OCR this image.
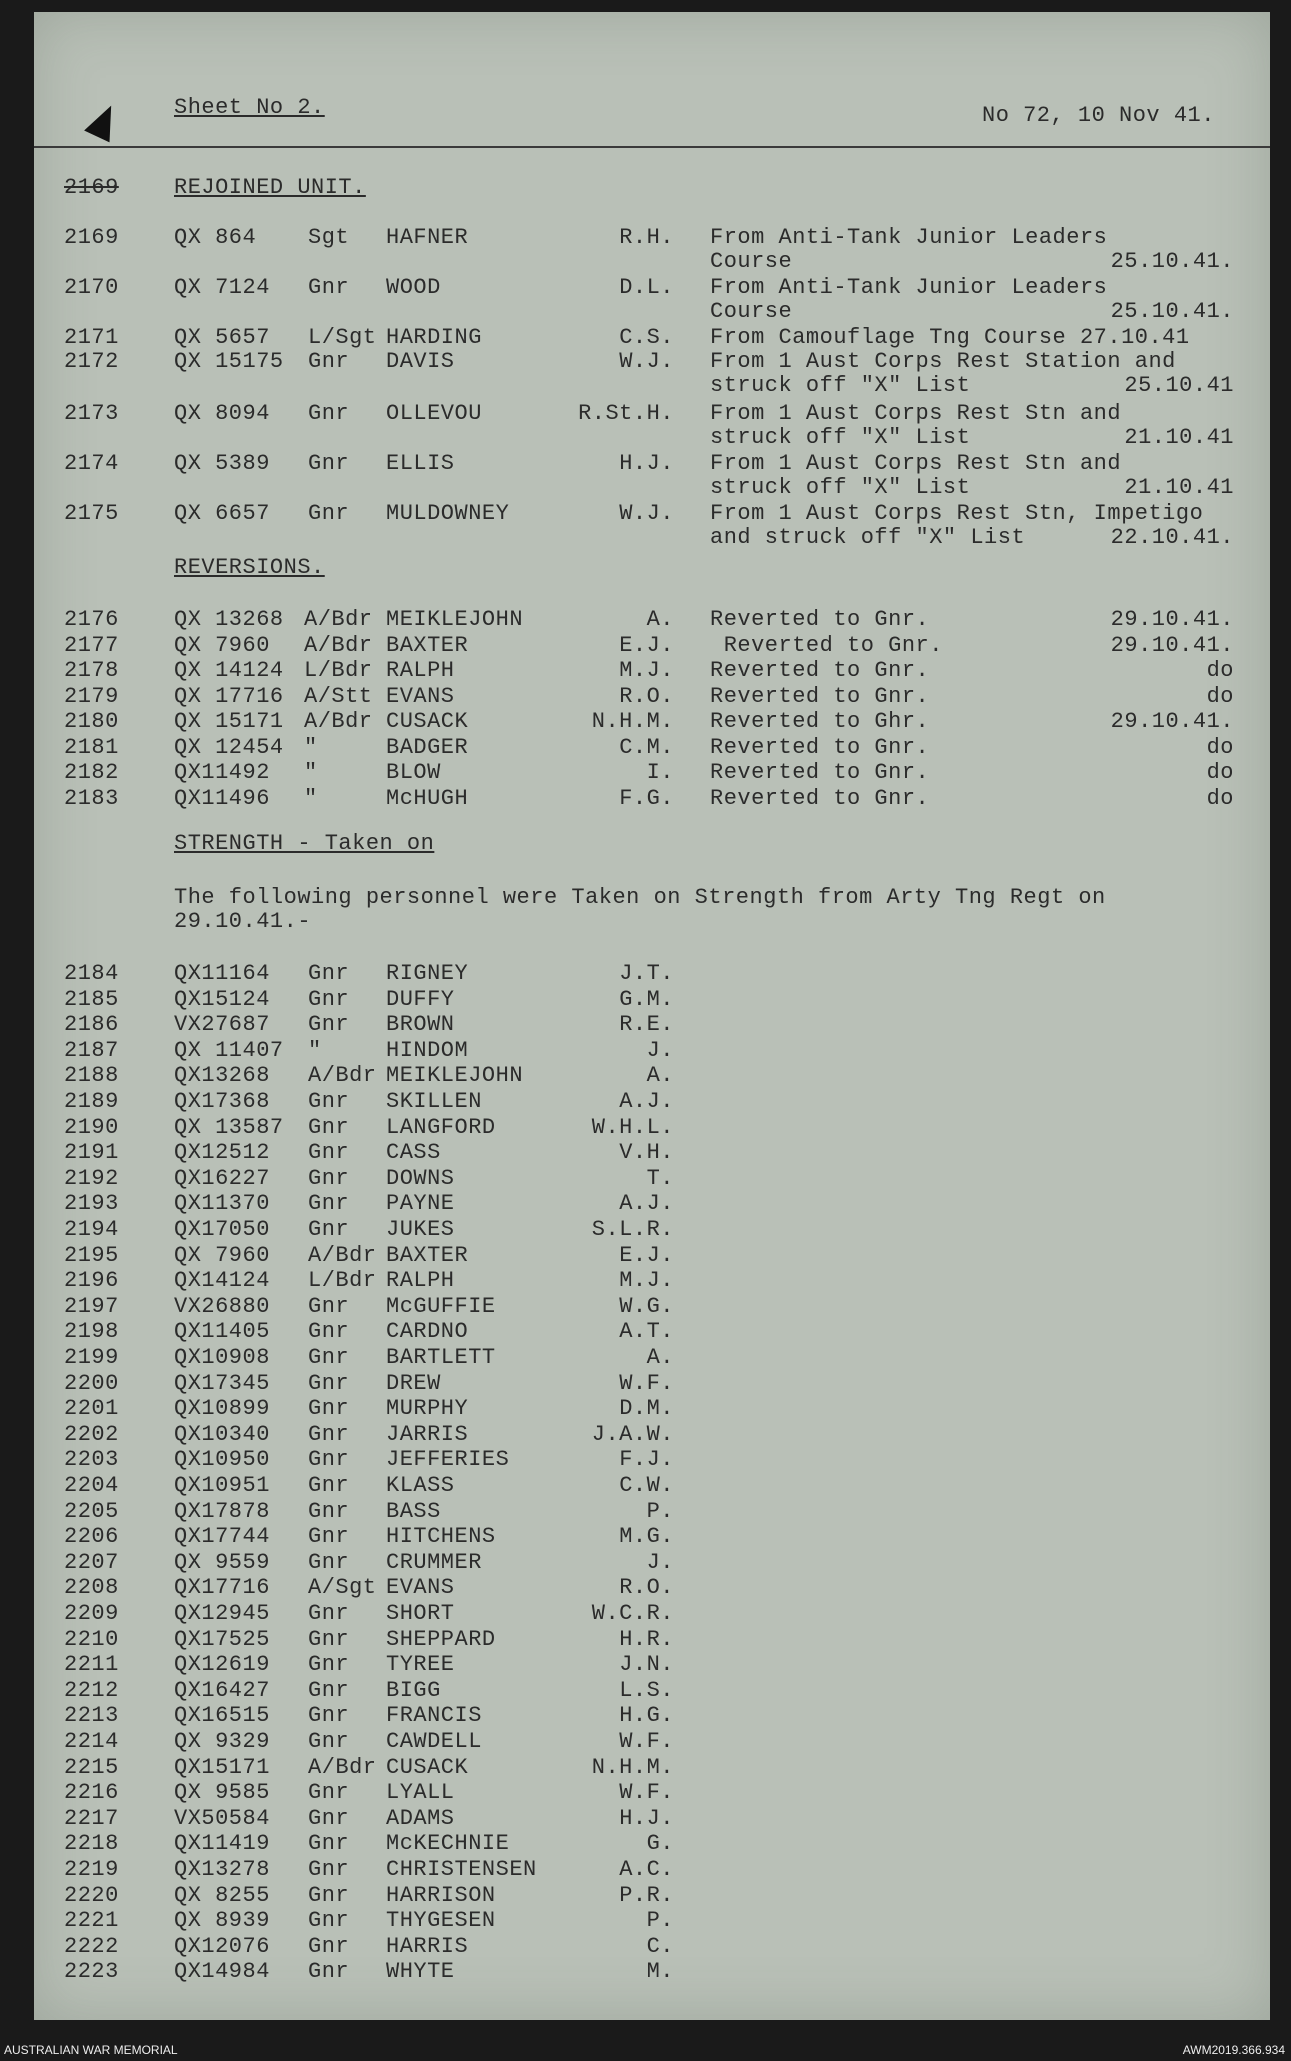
Sheet No 2.	No 72, 10 Nov 41.
2169	REJOINED UNIT.
2169	QX 864 Sgt HAFNER	R.H. From Anti-Tank Junior Leaders
Course	25.10.41.
2170	QX 7124 Gnr WOOD	D.L. From Anti-Tank Junior Leaders
Course	25.10.41.
2171	QX 5657 L/Sgt HARDING	C.S. From Camouflage Tng Course 27.10.41
2172	QX 15175 Gnr DAVIS	W.J. From 1 Aust Corps Rest Station and
struck off "X" List	25.10.41
2173	QX 8094 Gnr OLLEVOU	R.St.H. From 1 Aust Corps Rest Stn and
struck off "X" List	21.10.41
2174	QX 5389 Gnr ELLIS	H.J. From 1 Aust Corps Rest Stn and
struck off "X" List	21.10.41
2175	QX 6657 Gnr MULDOWNEY	W.J. From 1 Aust Corps Rest Stn, Impetigo
and struck off "X" List	22.10.41.
REVERSIONS.
2176	QX 13268 A/Bdr MEIKLEJOHN	A. Reverted to Gnr.	29.10.41.
2177	QX 7960 A/Bdr BAXTER	E.J. Reverted to Gnr.	29.10.41.
2178	QX 14124 L/Bdr RALPH	M.J. Reverted to Gnr.	do
2179	QX 17716 A/Stt EVANS	R.O. Reverted to Gnr.	do
2180	QX 15171 A/Bdr CUSACK	N.H.M. Reverted to Ghr.	29.10.41.
2181	QX 12454 "	BADGER	C.M. Reverted to Gnr.	do
2182	QX11492 "	BLOW	I. Reverted to Gnr.	do
2183	QX11496 "	McHUGH	F.G. Reverted to Gnr.	do
STRENGTH - Taken on
The following personnel were Taken on Strength from Arty Tng Regt on
29.10.41.-
2184	QX11164 Gnr RIGNEY	J.T.
2185	QX15124 Gnr DUFFY	G.M.
2186	VX27687 Gnr BROWN	R.E.
2187	QX 11407 "	HINDOM	J.
2188	QX13268 A/Bdr MEIKLEJOHN	A.
2189	QX17368 Gnr SKILLEN	A.J.
2190	QX 13587 Gnr LANGFORD	W.H.L.
2191	QX12512 Gnr CASS	V.H.
2192	QX16227 Gnr DOWNS	T.
2193	QX11370 Gnr PAYNE	A.J.
2194	QX17050 Gnr JUKES	S.L.R.
2195	QX 7960 A/Bdr BAXTER	E.J.
2196	QX14124 L/Bdr RALPH	M.J.
2197	VX26880 Gnr McGUFFIE	W.G.
2198	QX11405 Gnr CARDNO	A.T.
2199	QX10908 Gnr BARTLETT	A.
2200	QX17345 Gnr DREW	W.F.
2201	QX10899 Gnr MURPHY	D.M.
2202	QX10340 Gnr JARRIS	J.A.W.
2203	QX10950 Gnr JEFFERIES	F.J.
2204	QX10951 Gnr KLASS	C.W.
2205	QX17878 Gnr BASS	P.
2206	QX17744 Gnr HITCHENS	M.G.
2207	QX 9559 Gnr CRUMMER	J.
2208	QX17716 A/Sgt EVANS	R.O.
2209	QX12945 Gnr SHORT	W.C.R.
2210	QX17525 Gnr SHEPPARD	H.R.
2211	QX12619 Gnr TYREE	J.N.
2212	QX16427 Gnr BIGG	L.S.
2213	QX16515 Gnr FRANCIS	H.G.
2214	QX 9329 Gnr CAWDELL	W.F.
2215	QX15171 A/Bdr CUSACK	N.H.M.
2216	QX 9585 Gnr LYALL	W.F.
2217	VX50584 Gnr ADAMS	H.J.
2218	QX11419 Gnr McKECHNIE	G.
2219	QX13278 Gnr CHRISTENSEN	A.C.
2220	QX 8255 Gnr HARRISON	P.R.
2221	QX 8939 Gnr THYGESEN	P.
2222	QX12076 Gnr HARRIS	C.
2223	QX14984 Gnr WHYTE	M.
AUSTRALIAN WAR MEMORIAL	AWM2019.366.934
